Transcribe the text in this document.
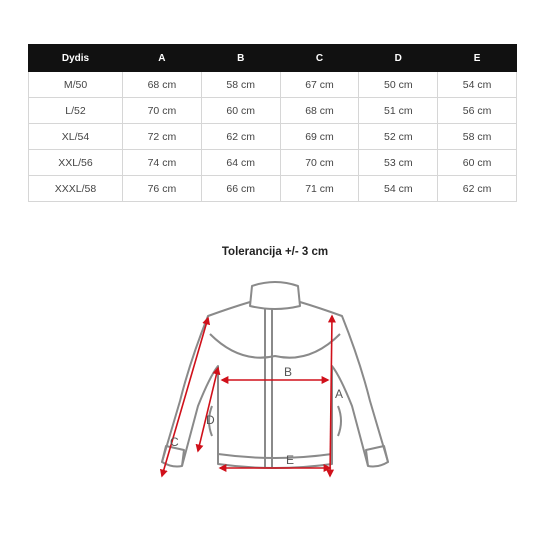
Dydis	A	B	C	D	E
M/50	68 cm	58 cm	67 cm	50 cm	54 cm
L/52	70 cm	60 cm	68 cm	51 cm	56 cm
XL/54	72 cm	62 cm	69 cm	52 cm	58 cm
XXL/56	74 cm	64 cm	70 cm	53 cm	60 cm
XXXL/58	76 cm	66 cm	71 cm	54 cm	62 cm
Tolerancija +/- 3 cm
A
B
C
D
E
